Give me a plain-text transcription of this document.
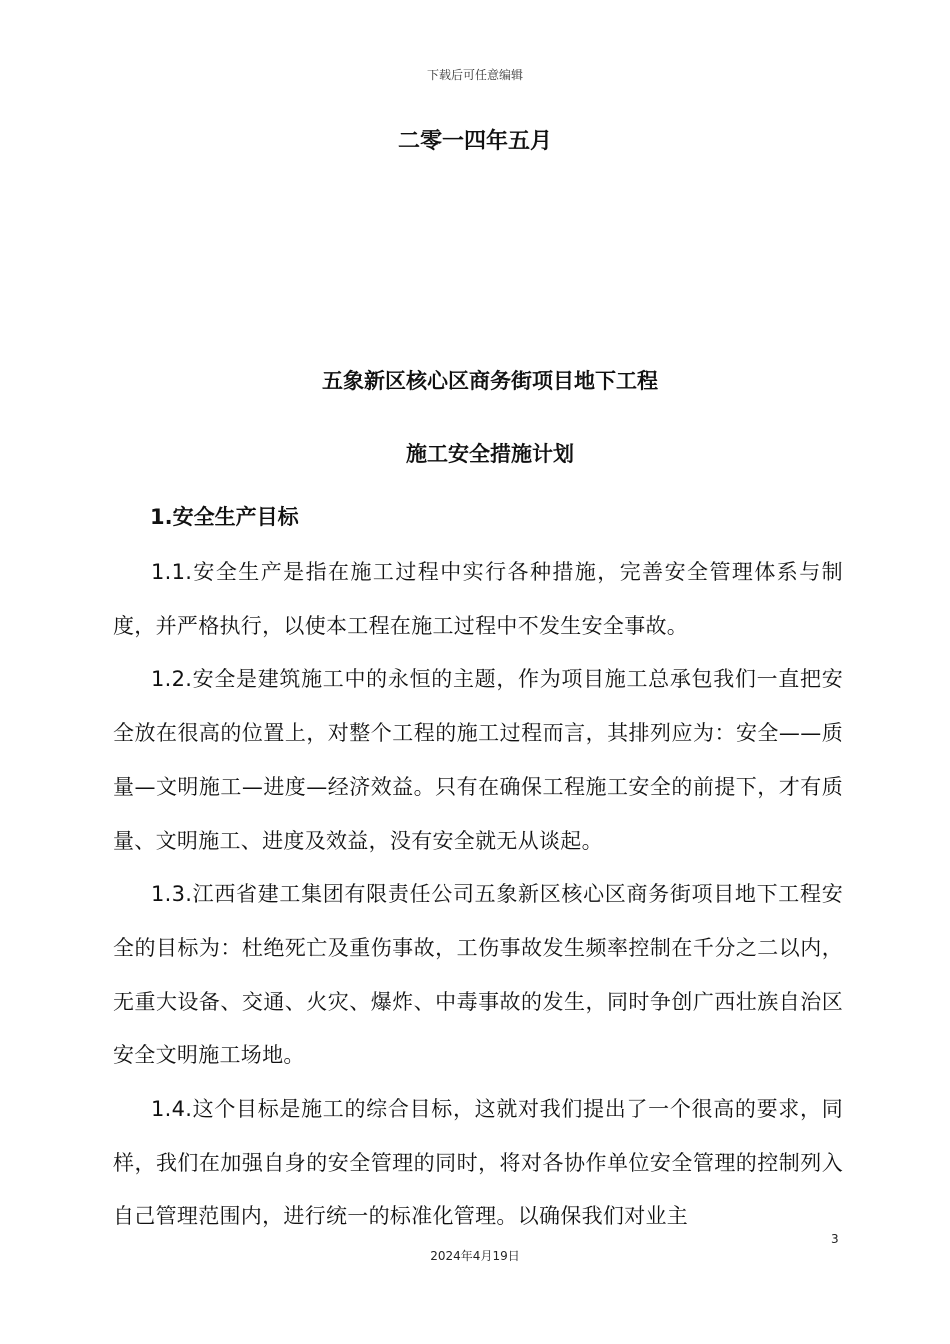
下载后可任意编辑
二零一四年五月
五象新区核心区商务街项目地下工程
施工安全措施计划
1.安全生产目标

1.1.安全生产是指在施工过程中实行各种措施，完善安全管理体系与制度，并严格执行，以使本工程在施工过程中不发生安全事故。

1.2.安全是建筑施工中的永恒的主题，作为项目施工总承包我们一直把安全放在很高的位置上，对整个工程的施工过程而言，其排列应为：安全——质量—文明施工—进度—经济效益。只有在确保工程施工安全的前提下，才有质量、文明施工、进度及效益，没有安全就无从谈起。

1.3.江西省建工集团有限责任公司五象新区核心区商务街项目地下工程安全的目标为：杜绝死亡及重伤事故，工伤事故发生频率控制在千分之二以内，无重大设备、交通、火灾、爆炸、中毒事故的发生，同时争创广西壮族自治区安全文明施工场地。

1.4.这个目标是施工的综合目标，这就对我们提出了一个很高的要求，同样，我们在加强自身的安全管理的同时，将对各协作单位安全管理的控制列入自己管理范围内，进行统一的标准化管理。以确保我们对业主

3
2024年4月19日
